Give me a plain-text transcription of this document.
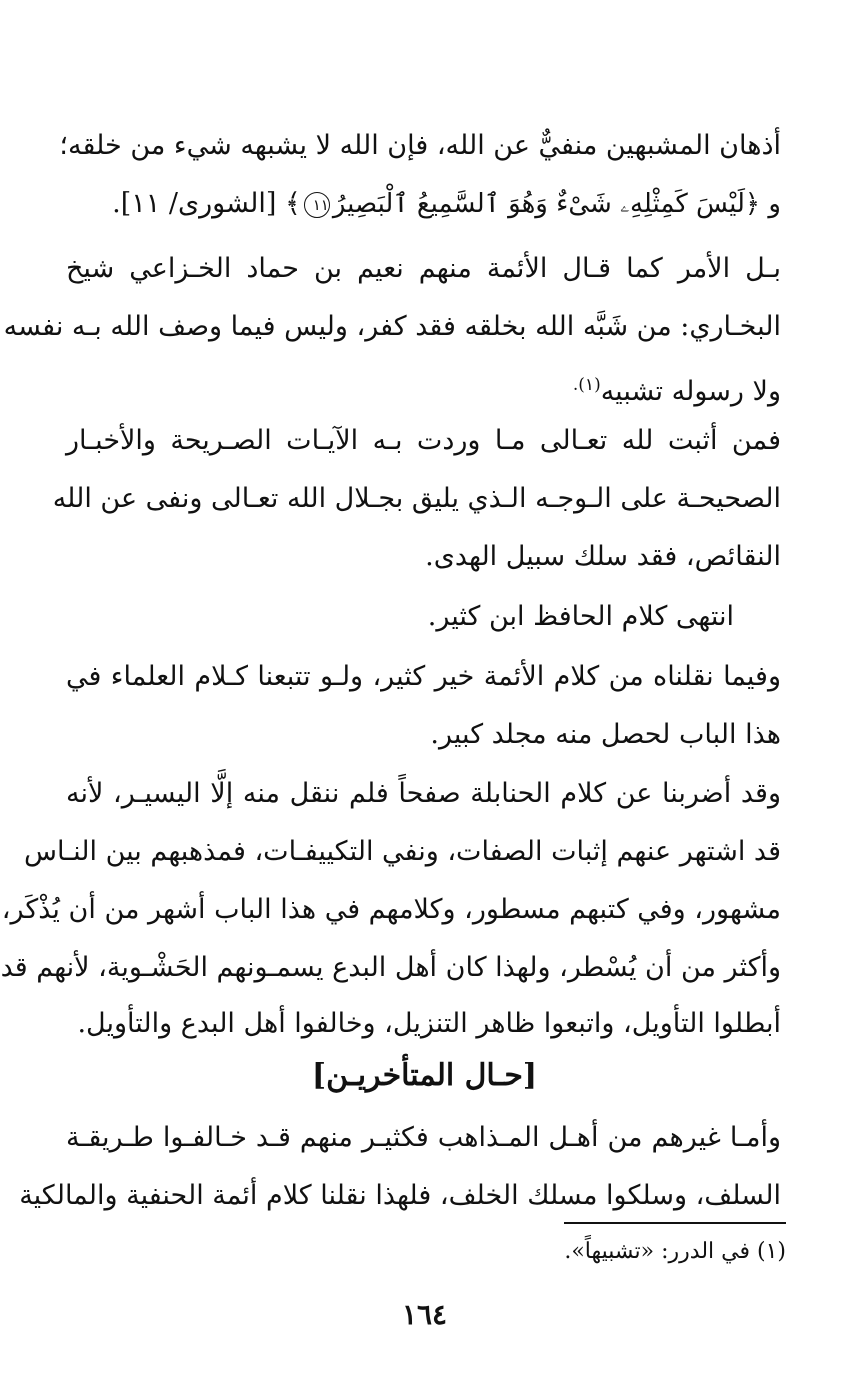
أذهان المشبهين منفيٌّ عن الله، فإن الله لا يشبهه شيء من خلقه؛
و ﴿لَيْسَ كَمِثْلِهِۦ شَىْءٌ وَهُوَ ٱلسَّمِيعُ ٱلْبَصِيرُ١١﴾ [الشورى/ ١١].
بـل الأمر كما قـال الأئمة منهم نعيم بن حماد الخـزاعي شيخ
البخـاري: من شَبَّه الله بخلقه فقد كفر، وليس فيما وصف الله بـه نفسه
ولا رسوله تشبيه$^{(١).}$
فمن أثبت لله تعـالى مـا وردت بـه الآيـات الصـريحة والأخبـار
الصحيحـة على الـوجـه الـذي يليق بجـلال الله تعـالى ونفى عن الله
النقائص، فقد سلك سبيل الهدى.
انتهى كلام الحافظ ابن كثير.
وفيما نقلناه من كلام الأئمة خير كثير، ولـو تتبعنا كـلام العلماء في
هذا الباب لحصل منه مجلد كبير.
وقد أضربنا عن كلام الحنابلة صفحاً فلم ننقل منه إلَّا اليسيـر، لأنه
قد اشتهر عنهم إثبات الصفات، ونفي التكييفـات، فمذهبهم بين النـاس
مشهور، وفي كتبهم مسطور، وكلامهم في هذا الباب أشهر من أن يُذْكَر،
وأكثر من أن يُسْطر، ولهذا كان أهل البدع يسمـونهم الحَشْـوية، لأنهم قد
أبطلوا التأويل، واتبعوا ظاهر التنزيل، وخالفوا أهل البدع والتأويل.
[حـال المتأخريـن]
وأمـا غيرهم من أهـل المـذاهب فكثيـر منهم قـد خـالفـوا طـريقـة
السلف، وسلكوا مسلك الخلف، فلهذا نقلنا كلام أئمة الحنفية والمالكية
(١) في الدرر: «تشبيهاً».
١٦٤
